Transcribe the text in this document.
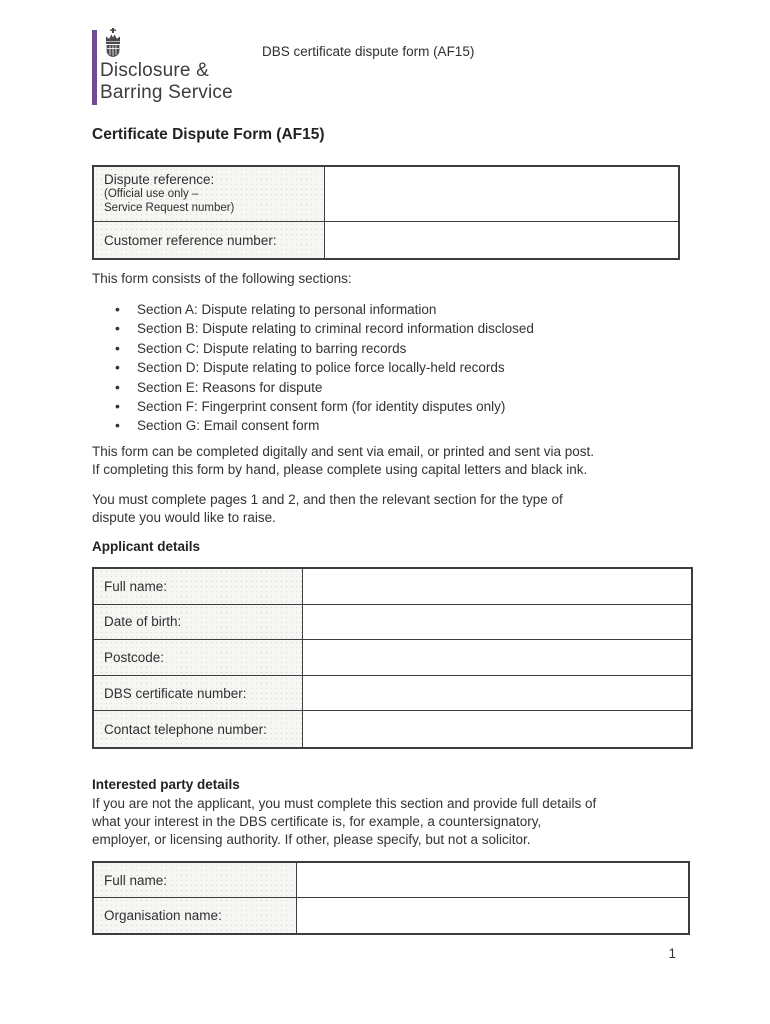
Disclosure &
Barring Service
DBS certificate dispute form (AF15)
Certificate Dispute Form (AF15)
Dispute reference:
(Official use only –
Service Request number)
Customer reference number:
This form consists of the following sections:
• Section A: Dispute relating to personal information
• Section B: Dispute relating to criminal record information disclosed
• Section C: Dispute relating to barring records
• Section D: Dispute relating to police force locally-held records
• Section E: Reasons for dispute
• Section F: Fingerprint consent form (for identity disputes only)
• Section G: Email consent form
This form can be completed digitally and sent via email, or printed and sent via post.
If completing this form by hand, please complete using capital letters and black ink.
You must complete pages 1 and 2, and then the relevant section for the type of
dispute you would like to raise.
Applicant details
Full name:
Date of birth:
Postcode:
DBS certificate number:
Contact telephone number:
Interested party details
If you are not the applicant, you must complete this section and provide full details of
what your interest in the DBS certificate is, for example, a countersignatory,
employer, or licensing authority. If other, please specify, but not a solicitor.
Full name:
Organisation name:
1
